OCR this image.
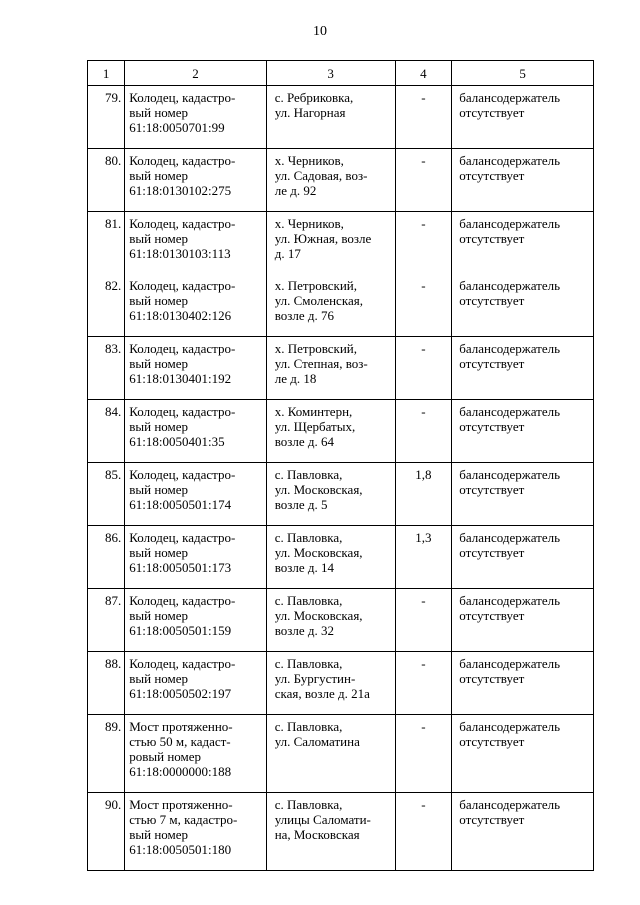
10
1	2	3	4	5
79.	Колодец, кадастро-
вый номер
61:18:0050701:99	с. Ребриковка,
ул. Нагорная	-	балансодержатель
отсутствует
80.	Колодец, кадастро-
вый номер
61:18:0130102:275	х. Черников,
ул. Садовая, воз-
ле д. 92	-	балансодержатель
отсутствует
81.	Колодец, кадастро-
вый номер
61:18:0130103:113	х. Черников,
ул. Южная, возле
д. 17	-	балансодержатель
отсутствует
82.	Колодец, кадастро-
вый номер
61:18:0130402:126	х. Петровский,
ул. Смоленская,
возле д. 76	-	балансодержатель
отсутствует
83.	Колодец, кадастро-
вый номер
61:18:0130401:192	х. Петровский,
ул. Степная, воз-
ле д. 18	-	балансодержатель
отсутствует
84.	Колодец, кадастро-
вый номер
61:18:0050401:35	х. Коминтерн,
ул. Щербатых,
возле д. 64	-	балансодержатель
отсутствует
85.	Колодец, кадастро-
вый номер
61:18:0050501:174	с. Павловка,
ул. Московская,
возле д. 5	1,8	балансодержатель
отсутствует
86.	Колодец, кадастро-
вый номер
61:18:0050501:173	с. Павловка,
ул. Московская,
возле д. 14	1,3	балансодержатель
отсутствует
87.	Колодец, кадастро-
вый номер
61:18:0050501:159	с. Павловка,
ул. Московская,
возле д. 32	-	балансодержатель
отсутствует
88.	Колодец, кадастро-
вый номер
61:18:0050502:197	с. Павловка,
ул. Бургустин-
ская, возле д. 21а	-	балансодержатель
отсутствует
89.	Мост протяженно-
стью 50 м, кадаст-
ровый номер
61:18:0000000:188	с. Павловка,
ул. Саломатина	-	балансодержатель
отсутствует
90.	Мост протяженно-
стью 7 м, кадастро-
вый номер
61:18:0050501:180	с. Павловка,
улицы Саломати-
на, Московская	-	балансодержатель
отсутствует
